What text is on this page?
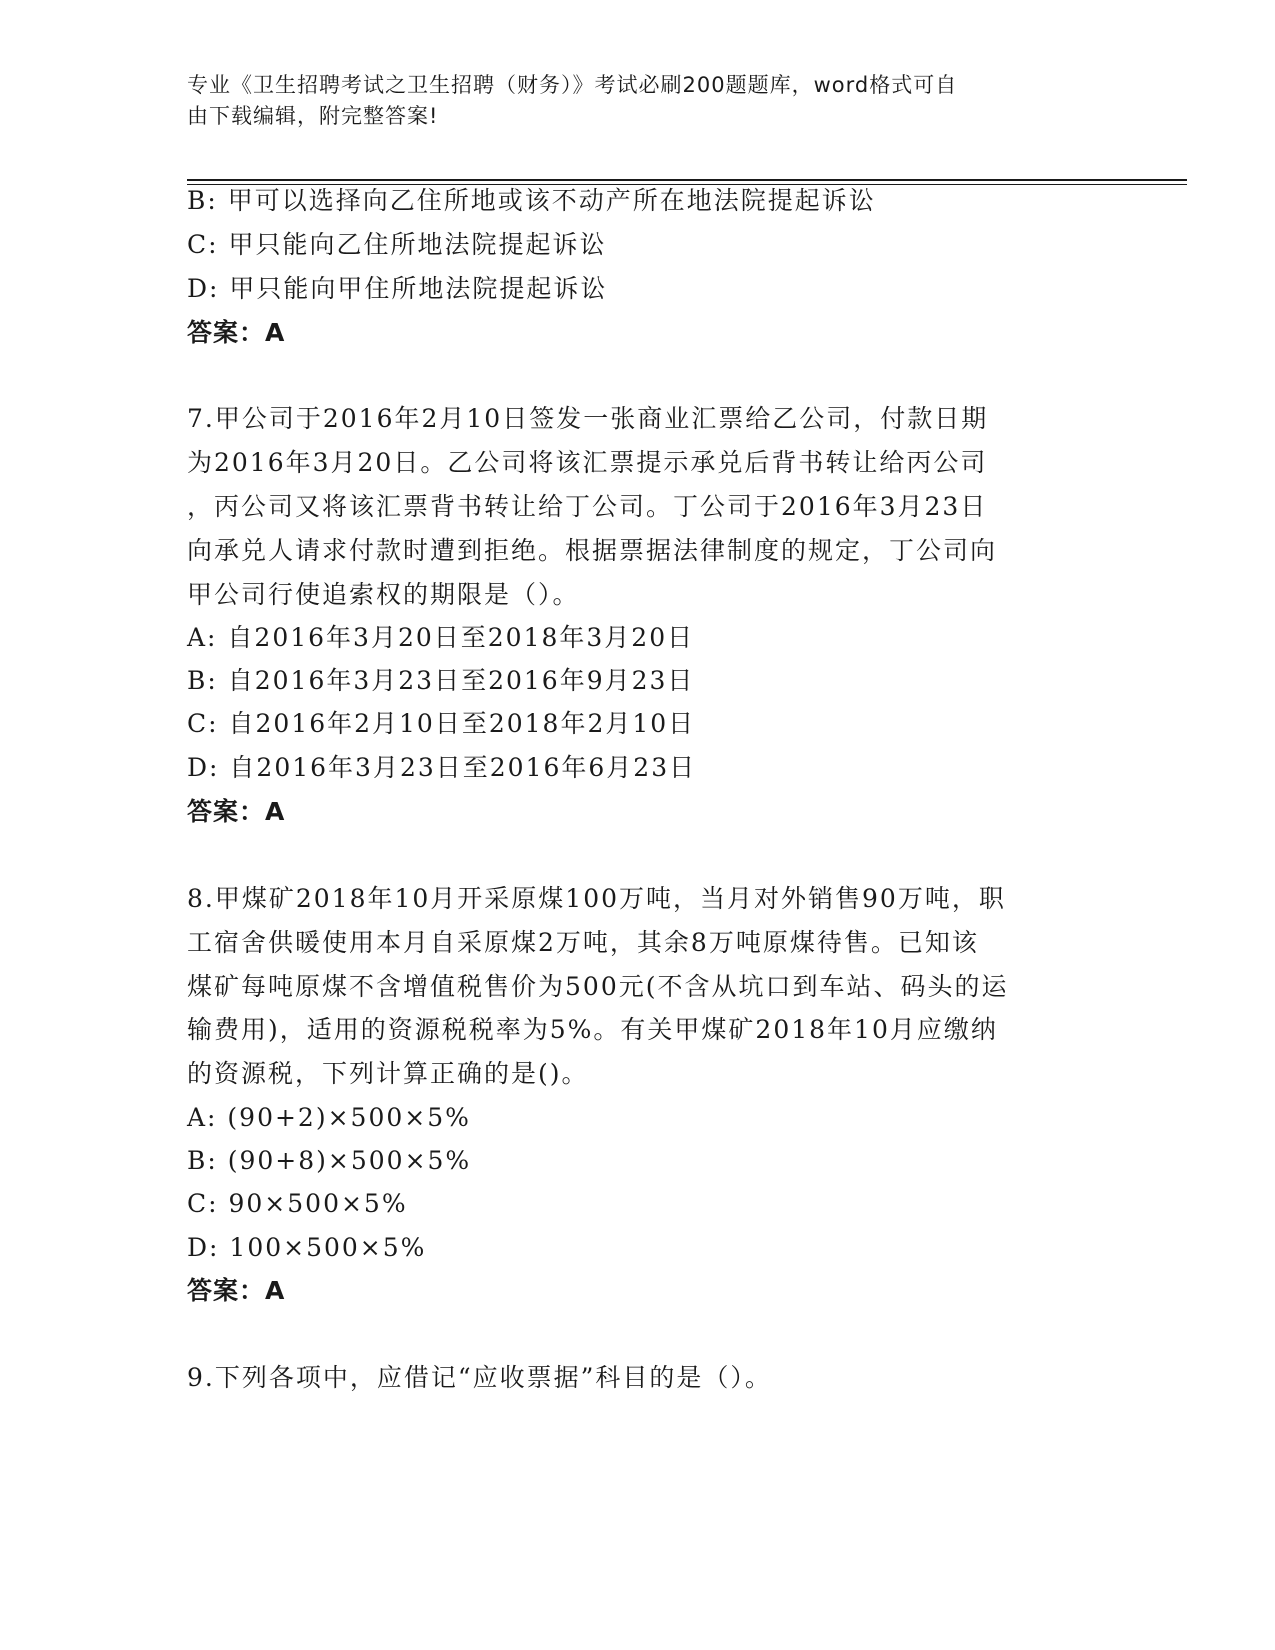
专业《卫生招聘考试之卫生招聘（财务）》考试必刷200题题库，word格式可自
由下载编辑，附完整答案!
B: 甲可以选择向乙住所地或该不动产所在地法院提起诉讼
C: 甲只能向乙住所地法院提起诉讼
D: 甲只能向甲住所地法院提起诉讼
答案：A
7.甲公司于2016年2月10日签发一张商业汇票给乙公司，付款日期
为2016年3月20日。乙公司将该汇票提示承兑后背书转让给丙公司
，丙公司又将该汇票背书转让给丁公司。丁公司于2016年3月23日
向承兑人请求付款时遭到拒绝。根据票据法律制度的规定，丁公司向
甲公司行使追索权的期限是（）。
A: 自2016年3月20日至2018年3月20日
B: 自2016年3月23日至2016年9月23日
C: 自2016年2月10日至2018年2月10日
D: 自2016年3月23日至2016年6月23日
答案：A
8.甲煤矿2018年10月开采原煤100万吨，当月对外销售90万吨，职
工宿舍供暖使用本月自采原煤2万吨，其余8万吨原煤待售。已知该
煤矿每吨原煤不含增值税售价为500元(不含从坑口到车站、码头的运
输费用)，适用的资源税税率为5%。有关甲煤矿2018年10月应缴纳
的资源税，下列计算正确的是()。
A: (90+2)×500×5%
B: (90+8)×500×5%
C: 90×500×5%
D: 100×500×5%
答案：A
9.下列各项中，应借记“应收票据”科目的是（）。
